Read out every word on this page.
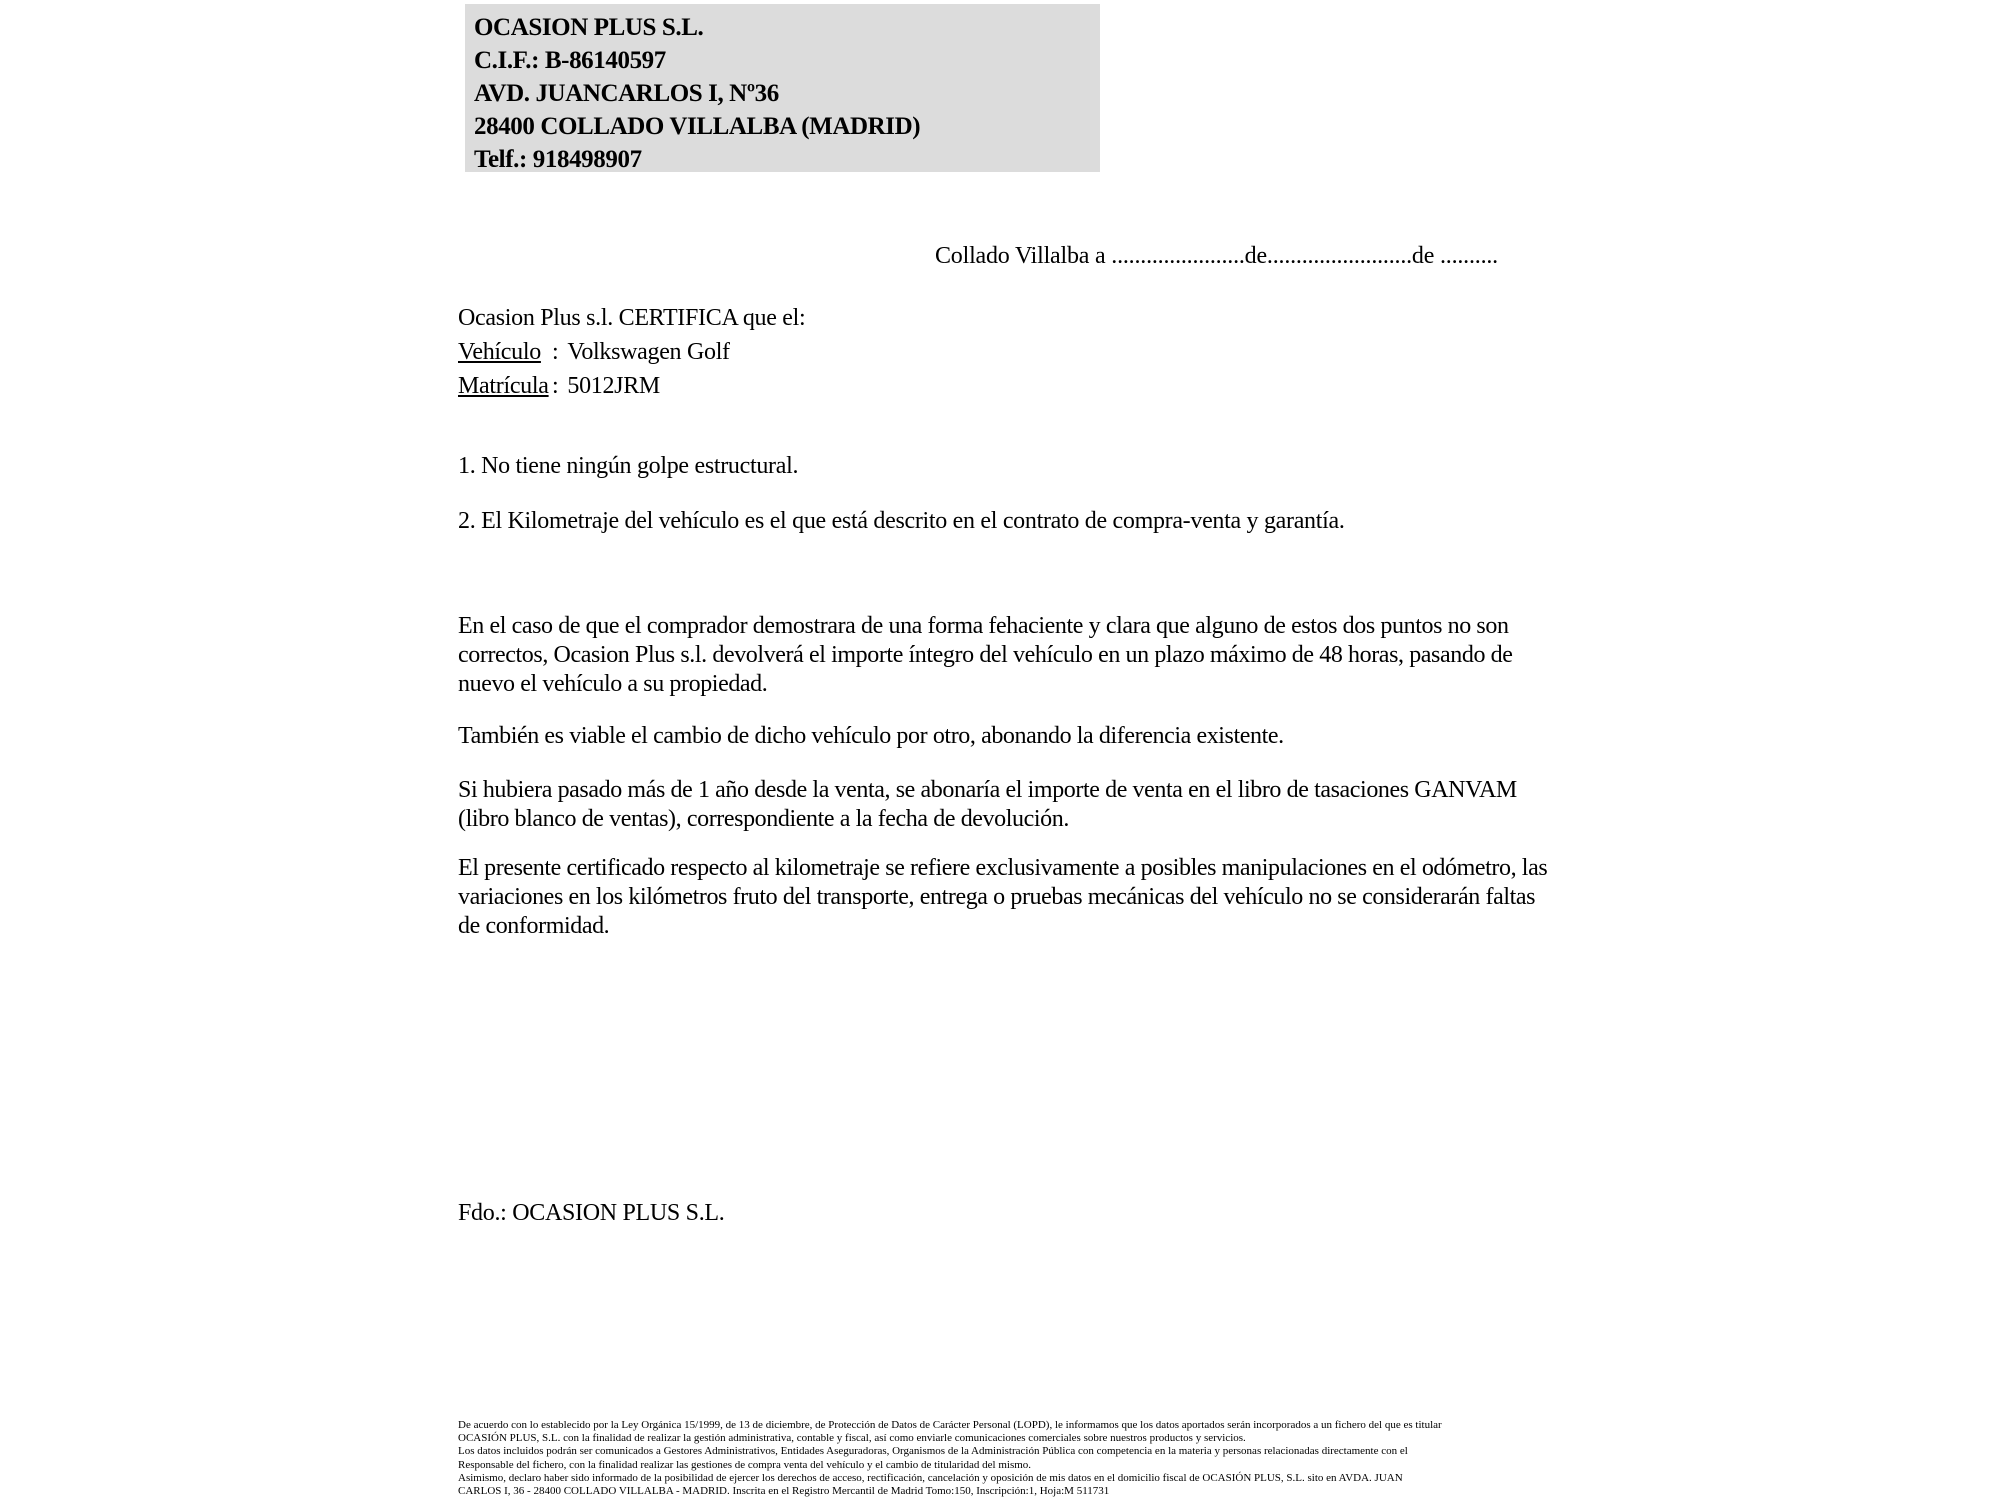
OCASION PLUS S.L.

C.I.F.: B-86140597

AVD. JUANCARLOS I, Nº36

28400 COLLADO VILLALBA (MADRID)

Telf.: 918498907

Collado Villalba a .......................de.........................de ..........
Ocasion Plus s.l. CERTIFICA que el:
Vehículo : Volkswagen Golf
Matrícula : 5012JRM

1. No tiene ningún golpe estructural.

2. El Kilometraje del vehículo es el que está descrito en el contrato de compra-venta y garantía.

En el caso de que el comprador demostrara de una forma fehaciente y clara que alguno de estos dos puntos no son correctos, Ocasion Plus s.l. devolverá el importe íntegro del vehículo en un plazo máximo de 48 horas, pasando de nuevo el vehículo a su propiedad.

También es viable el cambio de dicho vehículo por otro, abonando la diferencia existente.

Si hubiera pasado más de 1 año desde la venta, se abonaría el importe de venta en el libro de tasaciones GANVAM (libro blanco de ventas), correspondiente a la fecha de devolución.

El presente certificado respecto al kilometraje se refiere exclusivamente a posibles manipulaciones en el odómetro, las variaciones en los kilómetros fruto del transporte, entrega o pruebas mecánicas del vehículo no se considerarán faltas de conformidad.

Fdo.: OCASION PLUS S.L.

De acuerdo con lo establecido por la Ley Orgánica 15/1999, de 13 de diciembre, de Protección de Datos de Carácter Personal (LOPD), le informamos que los datos aportados serán incorporados a un fichero del que es titular

OCASIÓN PLUS, S.L. con la finalidad de realizar la gestión administrativa, contable y fiscal, así como enviarle comunicaciones comerciales sobre nuestros productos y servicios.

Los datos incluidos podrán ser comunicados a Gestores Administrativos, Entidades Aseguradoras, Organismos de la Administración Pública con competencia en la materia y personas relacionadas directamente con el

Responsable del fichero, con la finalidad realizar las gestiones de compra venta del vehículo y el cambio de titularidad del mismo.

Asimismo, declaro haber sido informado de la posibilidad de ejercer los derechos de acceso, rectificación, cancelación y oposición de mis datos en el domicilio fiscal de OCASIÓN PLUS, S.L. sito en AVDA. JUAN

CARLOS I, 36 - 28400 COLLADO VILLALBA - MADRID. Inscrita en el Registro Mercantil de Madrid Tomo:150, Inscripción:1, Hoja:M 511731
